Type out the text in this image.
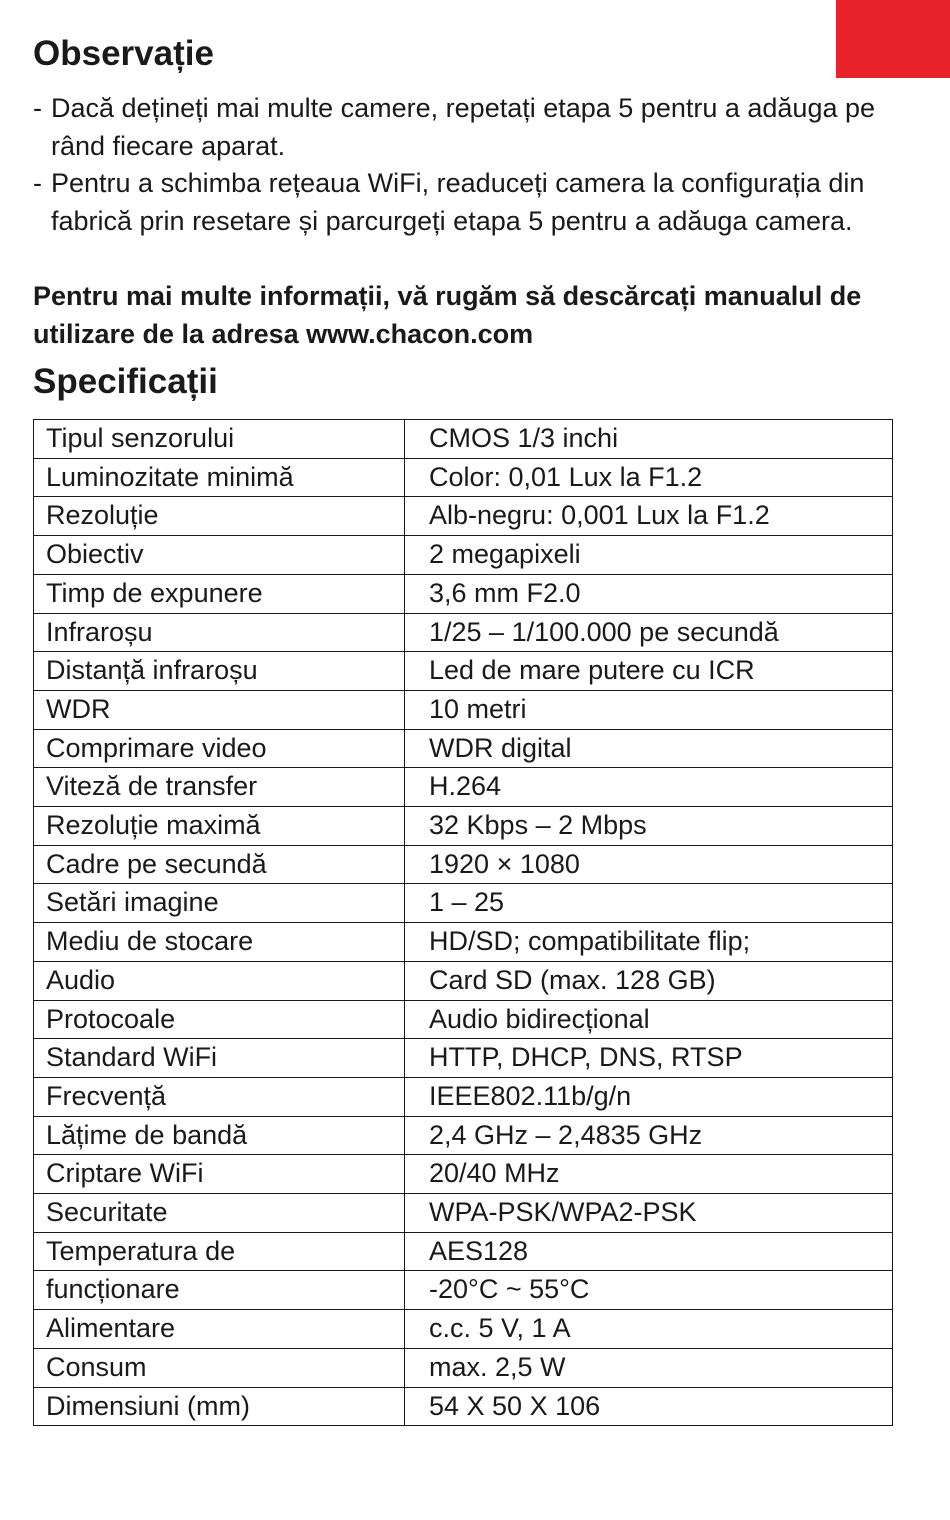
Observație
- Dacă dețineți mai multe camere, repetați etapa 5 pentru a adăuga pe rând fiecare aparat.
- Pentru a schimba rețeaua WiFi, readuceți camera la configurația din fabrică prin resetare și parcurgeți etapa 5 pentru a adăuga camera.

Pentru mai multe informații, vă rugăm să descărcați manualul de utilizare de la adresa www.chacon.com

Specificații
Tipul senzorului	CMOS 1/3 inchi
Luminozitate minimă	Color: 0,01 Lux la F1.2
Rezoluție	Alb-negru: 0,001 Lux la F1.2
Obiectiv	2 megapixeli
Timp de expunere	3,6 mm F2.0
Infraroșu	1/25 – 1/100.000 pe secundă
Distanță infraroșu	Led de mare putere cu ICR
WDR	10 metri
Comprimare video	WDR digital
Viteză de transfer	H.264
Rezoluție maximă	32 Kbps – 2 Mbps
Cadre pe secundă	1920 × 1080
Setări imagine	1 – 25
Mediu de stocare	HD/SD; compatibilitate flip;
Audio	Card SD (max. 128 GB)
Protocoale	Audio bidirecțional
Standard WiFi	HTTP, DHCP, DNS, RTSP
Frecvență	IEEE802.11b/g/n
Lățime de bandă	2,4 GHz – 2,4835 GHz
Criptare WiFi	20/40 MHz
Securitate	WPA-PSK/WPA2-PSK
Temperatura de	AES128
funcționare	-20°C ~ 55°C
Alimentare	c.c. 5 V, 1 A
Consum	max. 2,5 W
Dimensiuni (mm)	54 X 50 X 106
